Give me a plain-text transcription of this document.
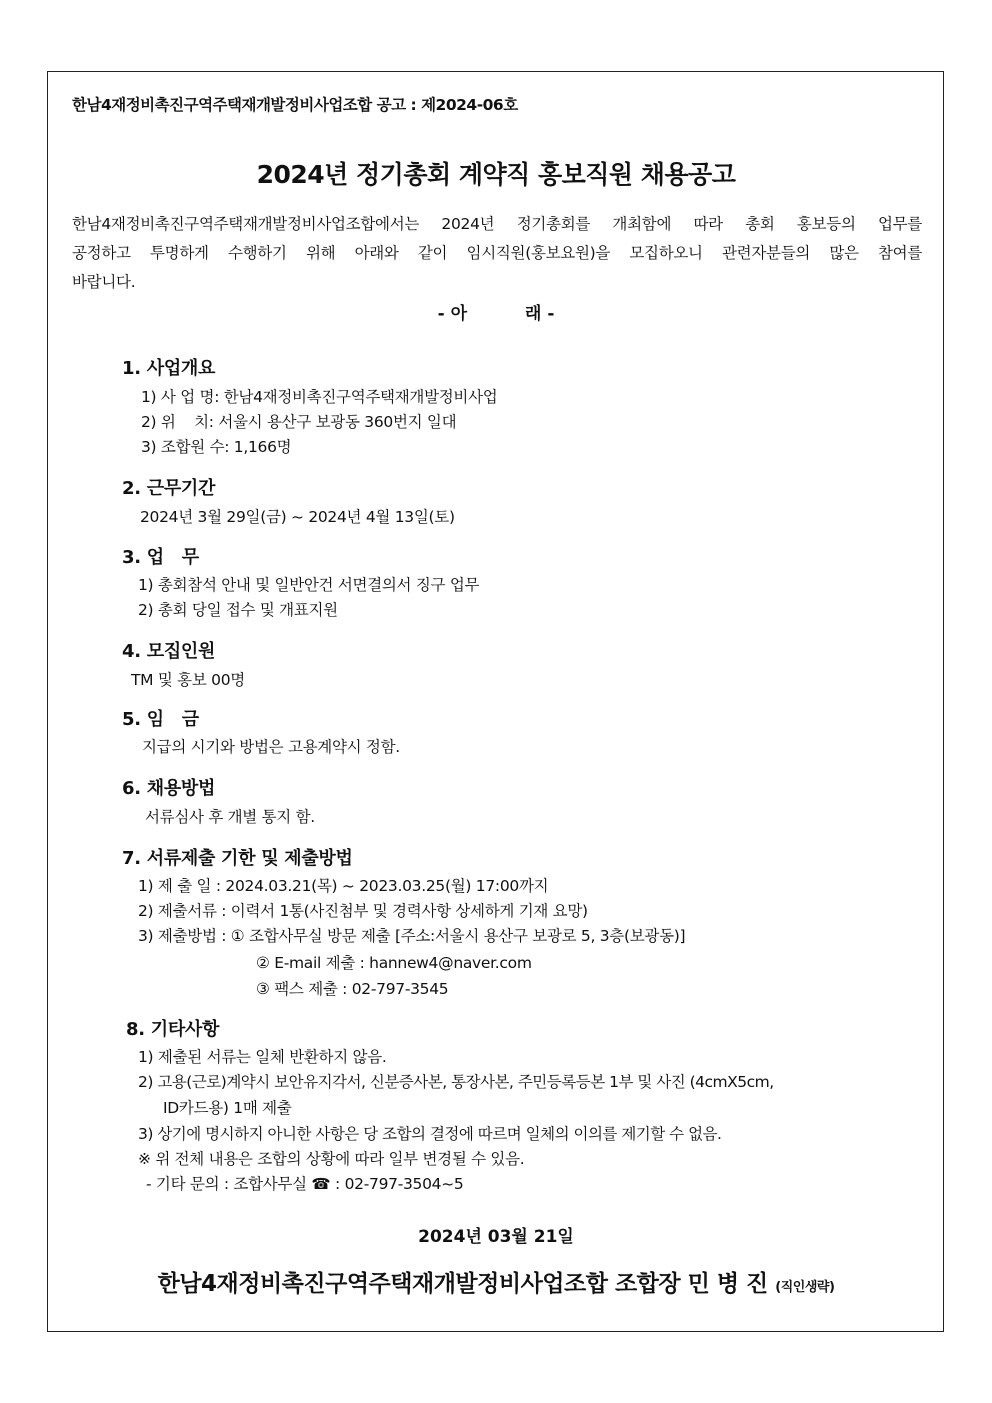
한남4재정비촉진구역주택재개발정비사업조합 공고 : 제2024-06호
2024년 정기총회 계약직 홍보직원 채용공고
한남4재정비촉진구역주택재개발정비사업조합에서는 2024년 정기총회를 개최함에 따라 총회 홍보등의 업무를
공정하고 투명하게 수행하기 위해 아래와 같이 임시직원(홍보요원)을 모집하오니 관련자분들의 많은 참여를
바랍니다.
- 아	래 -
1. 사업개요
1) 사 업 명: 한남4재정비촉진구역주택재개발정비사업
2) 위    치: 서울시 용산구 보광동 360번지 일대
3) 조합원 수: 1,166명
2. 근무기간
2024년 3월 29일(금) ~ 2024년 4월 13일(토)
3. 업   무
1) 총회참석 안내 및 일반안건 서면결의서 징구 업무
2) 총회 당일 접수 및 개표지원
4. 모집인원
TM 및 홍보 00명
5. 임   금
지급의 시기와 방법은 고용계약시 정함.
6. 채용방법
서류심사 후 개별 통지 함.
7. 서류제출 기한 및 제출방법
1) 제 출 일 : 2024.03.21(목) ~ 2023.03.25(월) 17:00까지
2) 제출서류 : 이력서 1통(사진첨부 및 경력사항 상세하게 기재 요망)
3) 제출방법 : ① 조합사무실 방문 제출 [주소:서울시 용산구 보광로 5, 3층(보광동)]
② E-mail 제출 : hannew4@naver.com
③ 팩스 제출 : 02-797-3545
8. 기타사항
1) 제출된 서류는 일체 반환하지 않음.
2) 고용(근로)계약시 보안유지각서, 신분증사본, 통장사본, 주민등록등본 1부 및 사진 (4cmX5cm,
ID카드용) 1매 제출
3) 상기에 명시하지 아니한 사항은 당 조합의 결정에 따르며 일체의 이의를 제기할 수 없음.
※ 위 전체 내용은 조합의 상황에 따라 일부 변경될 수 있음.
- 기타 문의 : 조합사무실 ☎ : 02-797-3504~5
2024년 03월 21일
한남4재정비촉진구역주택재개발정비사업조합 조합장 민 병 진 (직인생략)
